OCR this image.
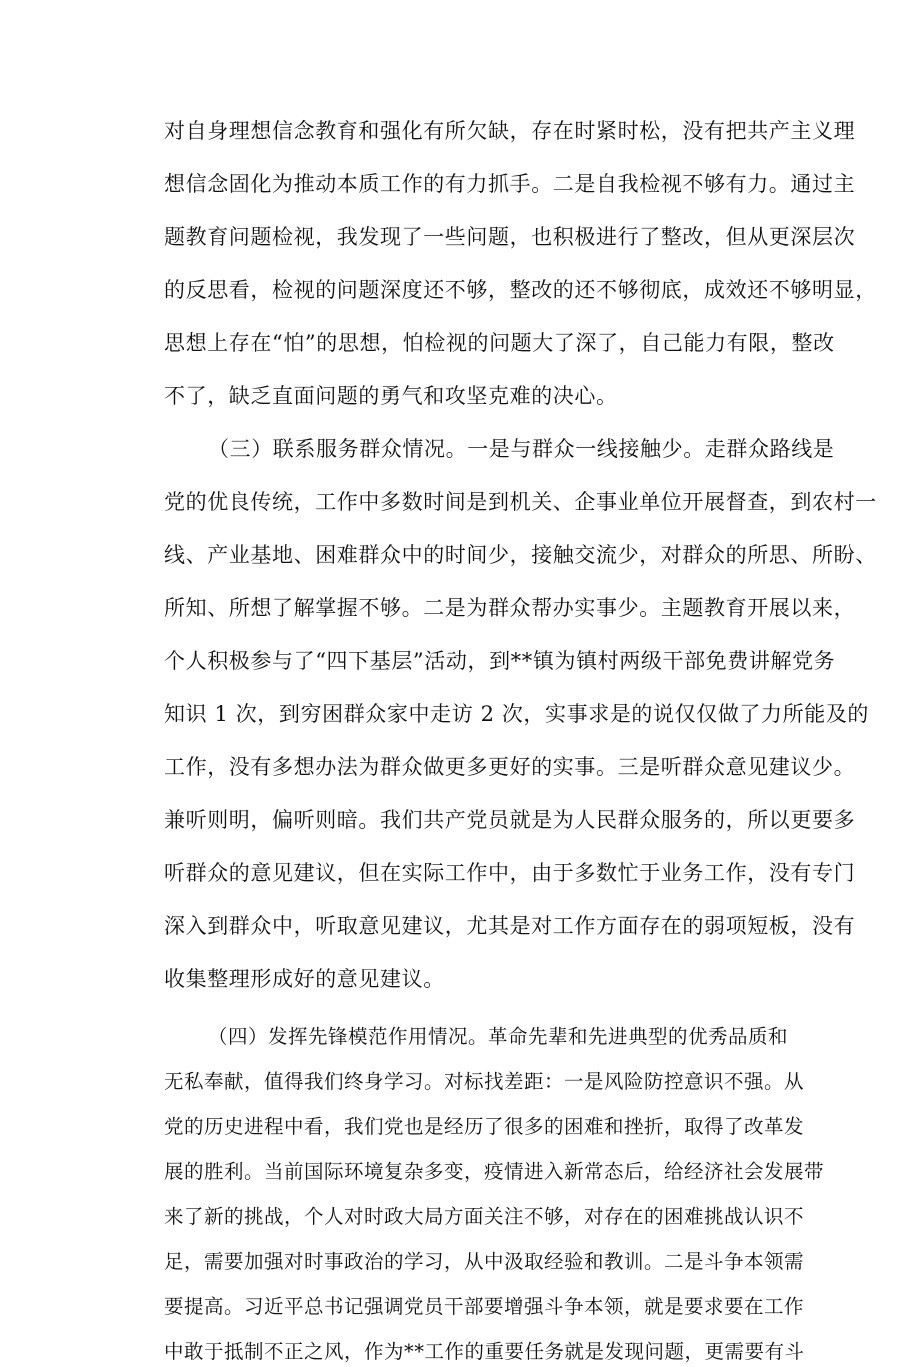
对自身理想信念教育和强化有所欠缺，存在时紧时松，没有把共产主义理
想信念固化为推动本质工作的有力抓手。二是自我检视不够有力。通过主
题教育问题检视，我发现了一些问题，也积极进行了整改，但从更深层次
的反思看，检视的问题深度还不够，整改的还不够彻底，成效还不够明显，
思想上存在“怕”的思想，怕检视的问题大了深了，自己能力有限，整改
不了，缺乏直面问题的勇气和攻坚克难的决心。
（三）联系服务群众情况。一是与群众一线接触少。走群众路线是
党的优良传统，工作中多数时间是到机关、企事业单位开展督查，到农村一
线、产业基地、困难群众中的时间少，接触交流少，对群众的所思、所盼、
所知、所想了解掌握不够。二是为群众帮办实事少。主题教育开展以来，
个人积极参与了“四下基层”活动，到**镇为镇村两级干部免费讲解党务
知识 1 次，到穷困群众家中走访 2 次，实事求是的说仅仅做了力所能及的
工作，没有多想办法为群众做更多更好的实事。三是听群众意见建议少。
兼听则明，偏听则暗。我们共产党员就是为人民群众服务的，所以更要多
听群众的意见建议，但在实际工作中，由于多数忙于业务工作，没有专门
深入到群众中，听取意见建议，尤其是对工作方面存在的弱项短板，没有
收集整理形成好的意见建议。
（四）发挥先锋模范作用情况。革命先辈和先进典型的优秀品质和
无私奉献，值得我们终身学习。对标找差距：一是风险防控意识不强。从
党的历史进程中看，我们党也是经历了很多的困难和挫折，取得了改革发
展的胜利。当前国际环境复杂多变，疫情进入新常态后，给经济社会发展带
来了新的挑战，个人对时政大局方面关注不够，对存在的困难挑战认识不
足，需要加强对时事政治的学习，从中汲取经验和教训。二是斗争本领需
要提高。习近平总书记强调党员干部要增强斗争本领，就是要求要在工作
中敢于抵制不正之风，作为**工作的重要任务就是发现问题，更需要有斗
